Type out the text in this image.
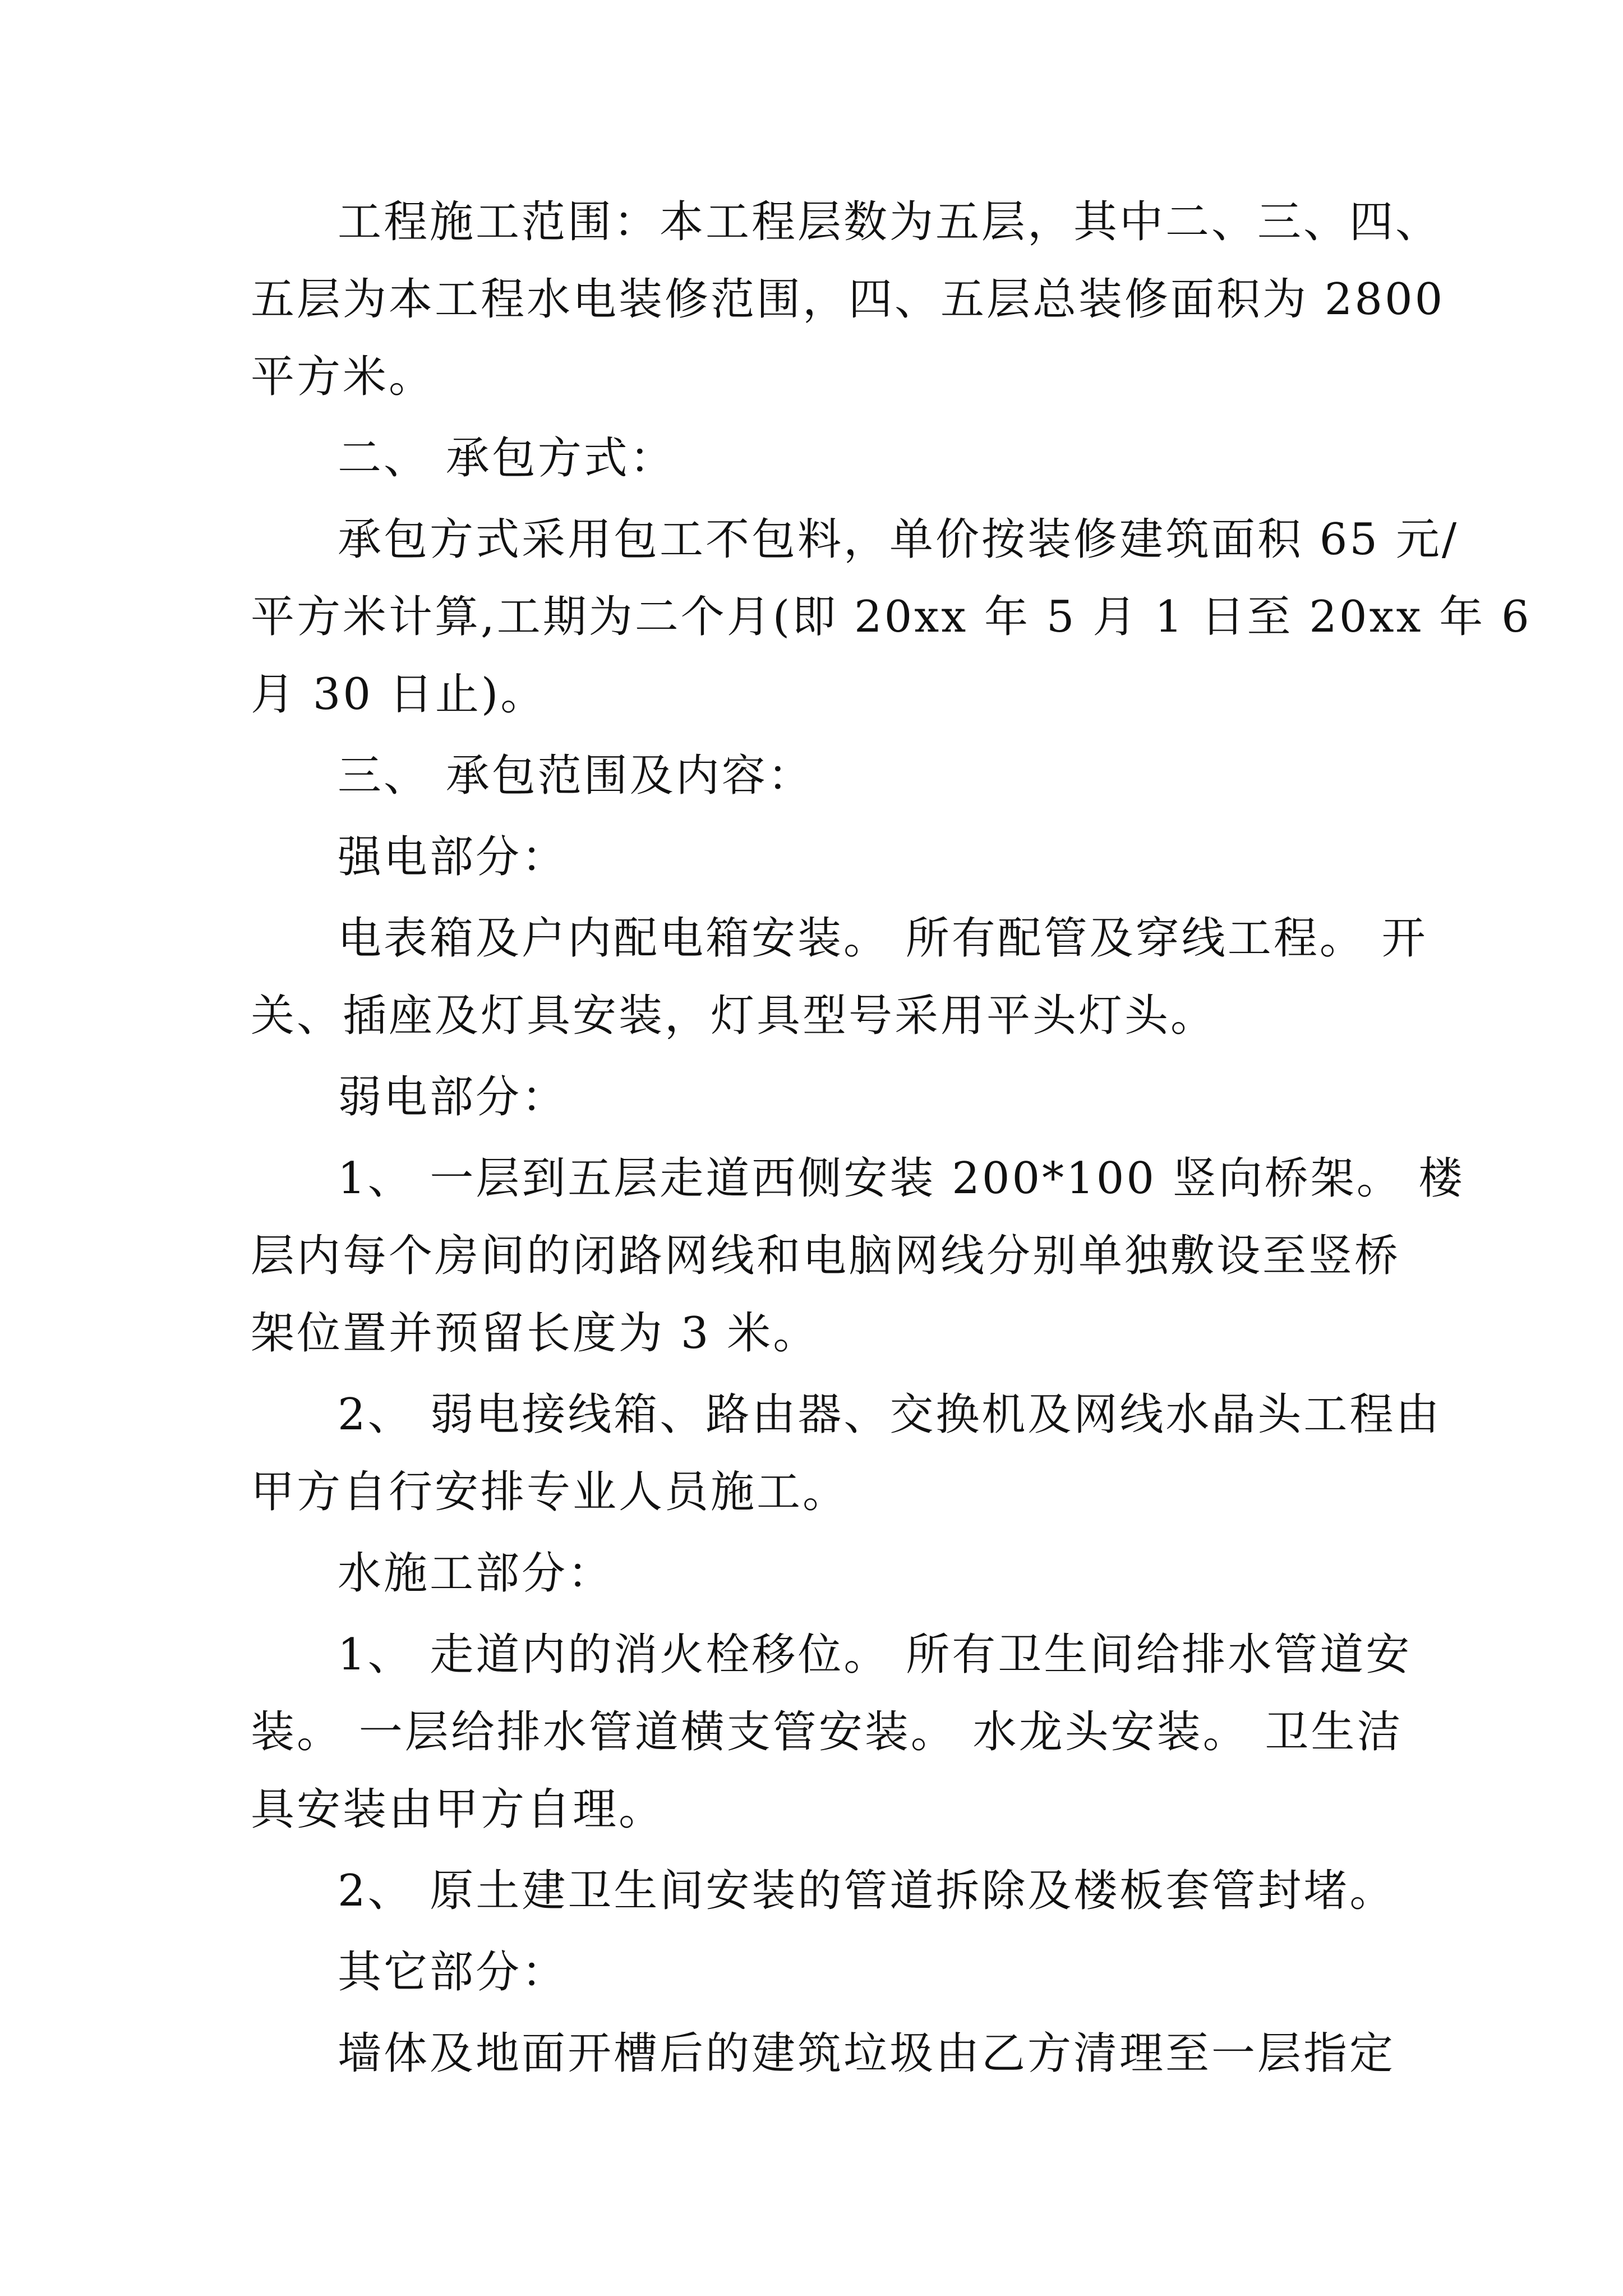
工程施工范围：本工程层数为五层，其中二、三、四、
五层为本工程水电装修范围，四、五层总装修面积为 2800
平方米。
二、 承包方式：
承包方式采用包工不包料，单价按装修建筑面积 65 元/
平方米计算,工期为二个月(即 20xx 年 5 月 1 日至 20xx 年 6
月 30 日止)。
三、 承包范围及内容：
强电部分：
电表箱及户内配电箱安装。 所有配管及穿线工程。 开
关、插座及灯具安装，灯具型号采用平头灯头。
弱电部分：
1、 一层到五层走道西侧安装 200*100 竖向桥架。 楼
层内每个房间的闭路网线和电脑网线分别单独敷设至竖桥
架位置并预留长度为 3 米。
2、 弱电接线箱、路由器、交换机及网线水晶头工程由
甲方自行安排专业人员施工。
水施工部分：
1、 走道内的消火栓移位。 所有卫生间给排水管道安
装。 一层给排水管道横支管安装。 水龙头安装。 卫生洁
具安装由甲方自理。
2、 原土建卫生间安装的管道拆除及楼板套管封堵。
其它部分：
墙体及地面开槽后的建筑垃圾由乙方清理至一层指定
